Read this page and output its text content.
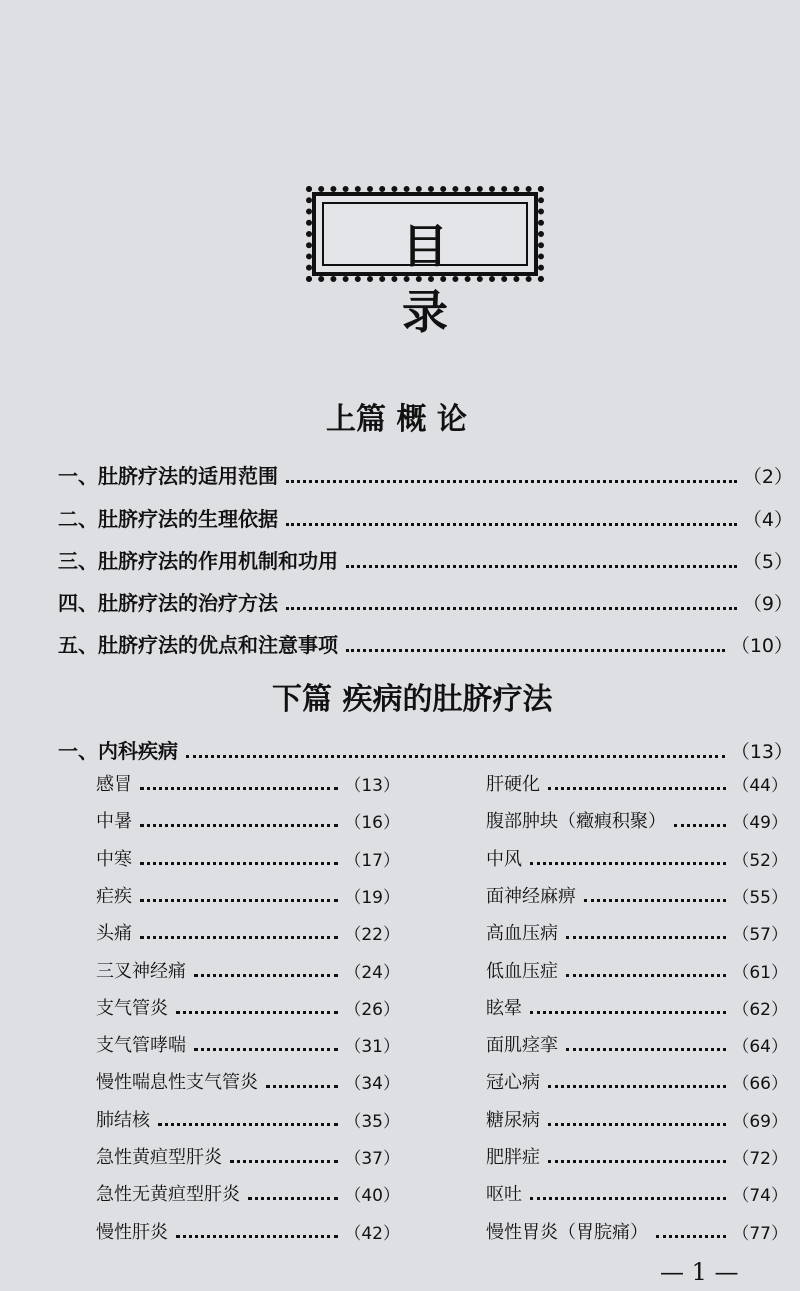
目 录
上篇 概 论
一、肚脐疗法的适用范围	（2）
二、肚脐疗法的生理依据	（4）
三、肚脐疗法的作用机制和功用	（5）
四、肚脐疗法的治疗方法	（9）
五、肚脐疗法的优点和注意事项	（10）
下篇 疾病的肚脐疗法
一、内科疾病	（13）
感冒	（13）
中暑	（16）
中寒	（17）
疟疾	（19）
头痛	（22）
三叉神经痛	（24）
支气管炎	（26）
支气管哮喘	（31）
慢性喘息性支气管炎	（34）
肺结核	（35）
急性黄疸型肝炎	（37）
急性无黄疸型肝炎	（40）
慢性肝炎	（42）
肝硬化	（44）
腹部肿块（癥瘕积聚）	（49）
中风	（52）
面神经麻痹	（55）
高血压病	（57）
低血压症	（61）
眩晕	（62）
面肌痉挛	（64）
冠心病	（66）
糖尿病	（69）
肥胖症	（72）
呕吐	（74）
慢性胃炎（胃脘痛）	（77）
— 1 —
